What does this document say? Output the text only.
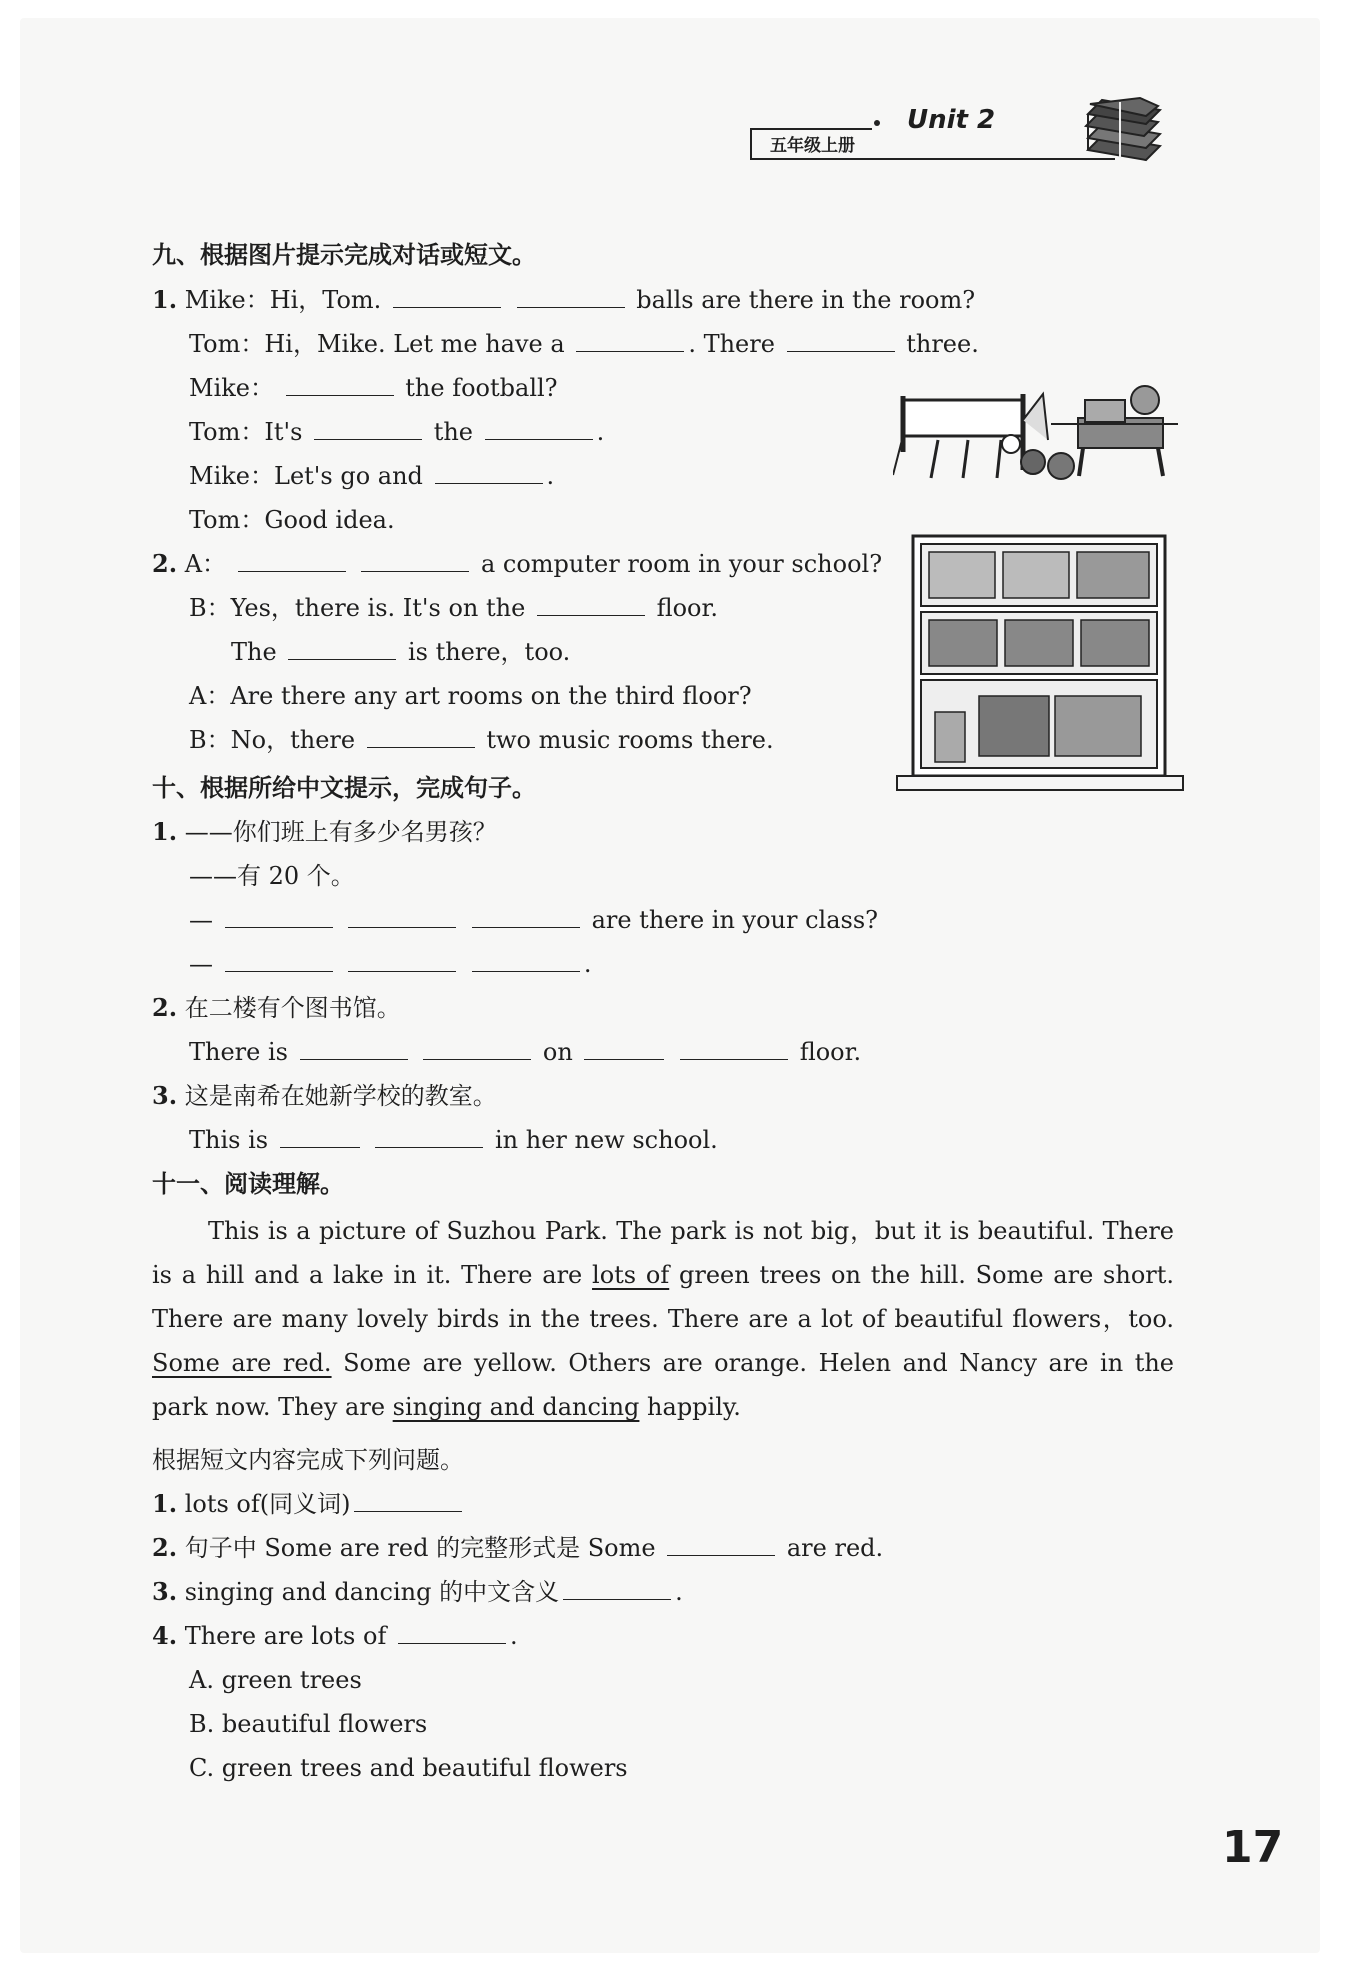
五年级上册
Unit 2
九、根据图片提示完成对话或短文。
1. Mike：Hi，Tom.	balls are there in the room?
Tom：Hi，Mike. Let me have a	. There	three.
Mike：	the football?
Tom：It's	the	.
Mike：Let's go and	.
Tom：Good idea.
2. A：	a computer room in your school?
B：Yes，there is. It's on the	floor.
The	is there，too.
A：Are there any art rooms on the third floor?
B：No，there	two music rooms there.
十、根据所给中文提示，完成句子。
1. ——你们班上有多少名男孩？
——有 20 个。
—	are there in your class?
—	.
2. 在二楼有个图书馆。
There is	on	floor.
3. 这是南希在她新学校的教室。
This is	in her new school.
十一、阅读理解。
This is a picture of Suzhou Park. The park is not big，but it is beautiful. There is a hill and a lake in it. There are lots of green trees on the hill. Some are short. There are many lovely birds in the trees. There are a lot of beautiful flowers，too. Some are red. Some are yellow. Others are orange. Helen and Nancy are in the park now. They are singing and dancing happily.
根据短文内容完成下列问题。
1. lots of(同义词)
2. 句子中 Some are red 的完整形式是 Some	are red.
3. singing and dancing 的中文含义	.
4. There are lots of	.
A. green trees
B. beautiful flowers
C. green trees and beautiful flowers
17
